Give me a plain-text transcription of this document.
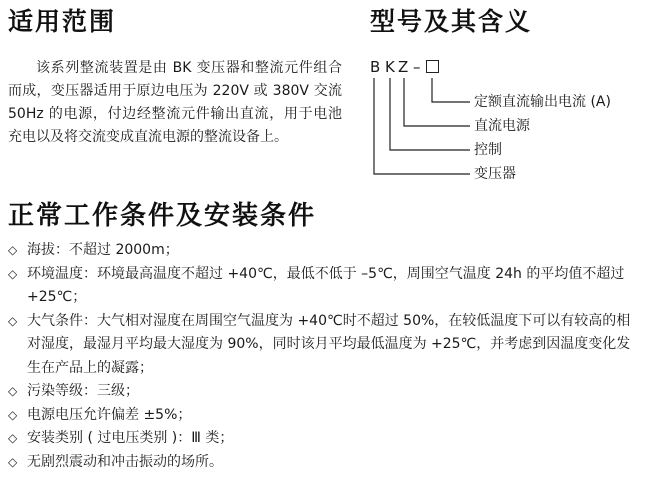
适用范围

该系列整流装置是由 BK 变压器和整流元件组合而成，变压器适用于原边电压为 220V 或 380V 交流 50Hz 的电源，付边经整流元件输出直流，用于电池充电以及将交流变成直流电源的整流设备上。

型号及其含义
B K Z –
定额直流输出电流 (A)
直流电源
控制
变压器
正常工作条件及安装条件
◇ 海拔：不超过 2000m；
◇ 环境温度：环境最高温度不超过 +40℃，最低不低于 –5℃，周围空气温度 24h 的平均值不超过 +25℃；
◇ 大气条件：大气相对湿度在周围空气温度为 +40℃时不超过 50%，在较低温度下可以有较高的相对湿度，最湿月平均最大湿度为 90%，同时该月平均最低温度为 +25℃，并考虑到因温度变化发生在产品上的凝露；
◇ 污染等级：三级；
◇ 电源电压允许偏差 ±5%；
◇ 安装类别 ( 过电压类别 )：Ⅲ 类；
◇ 无剧烈震动和冲击振动的场所。
